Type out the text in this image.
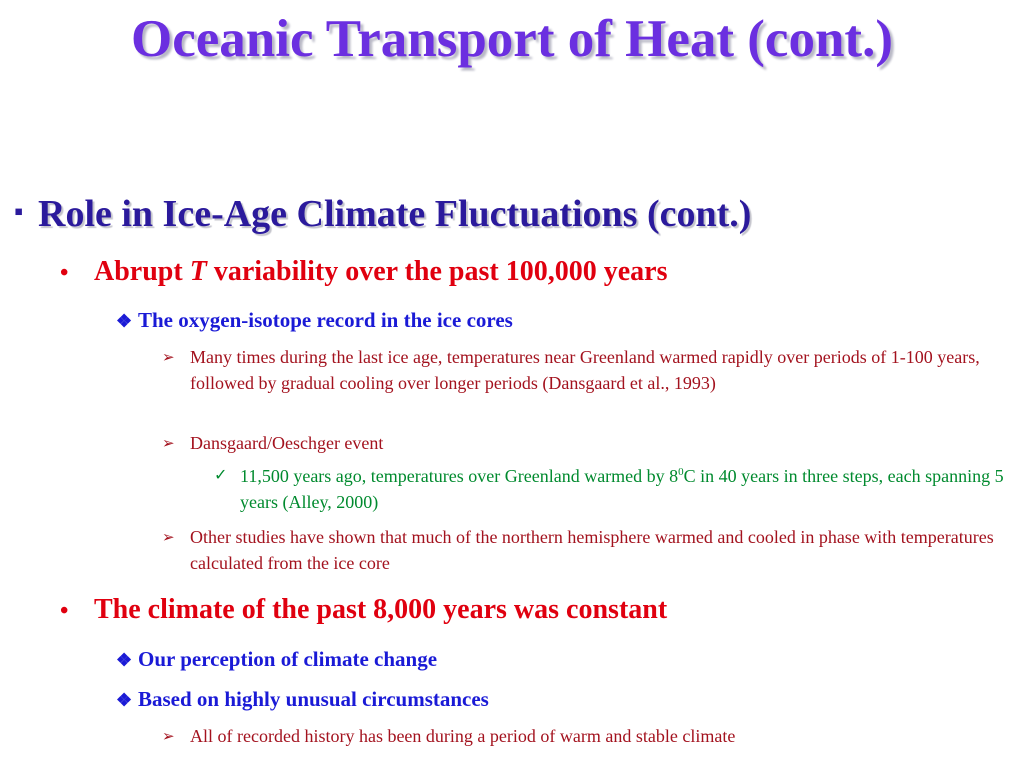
Oceanic Transport of Heat (cont.)
▪ Role in Ice-Age Climate Fluctuations (cont.)
• Abrupt T variability over the past 100,000 years
❖ The oxygen-isotope record in the ice cores
➢ Many times during the last ice age, temperatures near Greenland warmed rapidly over periods of 1-100 years, followed by gradual cooling over longer periods (Dansgaard et al., 1993)
➢ Dansgaard/Oeschger event
✓ 11,500 years ago, temperatures over Greenland warmed by $8^0C$ in 40 years in three steps, each spanning 5 years (Alley, 2000)
➢ Other studies have shown that much of the northern hemisphere warmed and cooled in phase with temperatures calculated from the ice core
• The climate of the past 8,000 years was constant
❖ Our perception of climate change
❖ Based on highly unusual circumstances
➢ All of recorded history has been during a period of warm and stable climate
